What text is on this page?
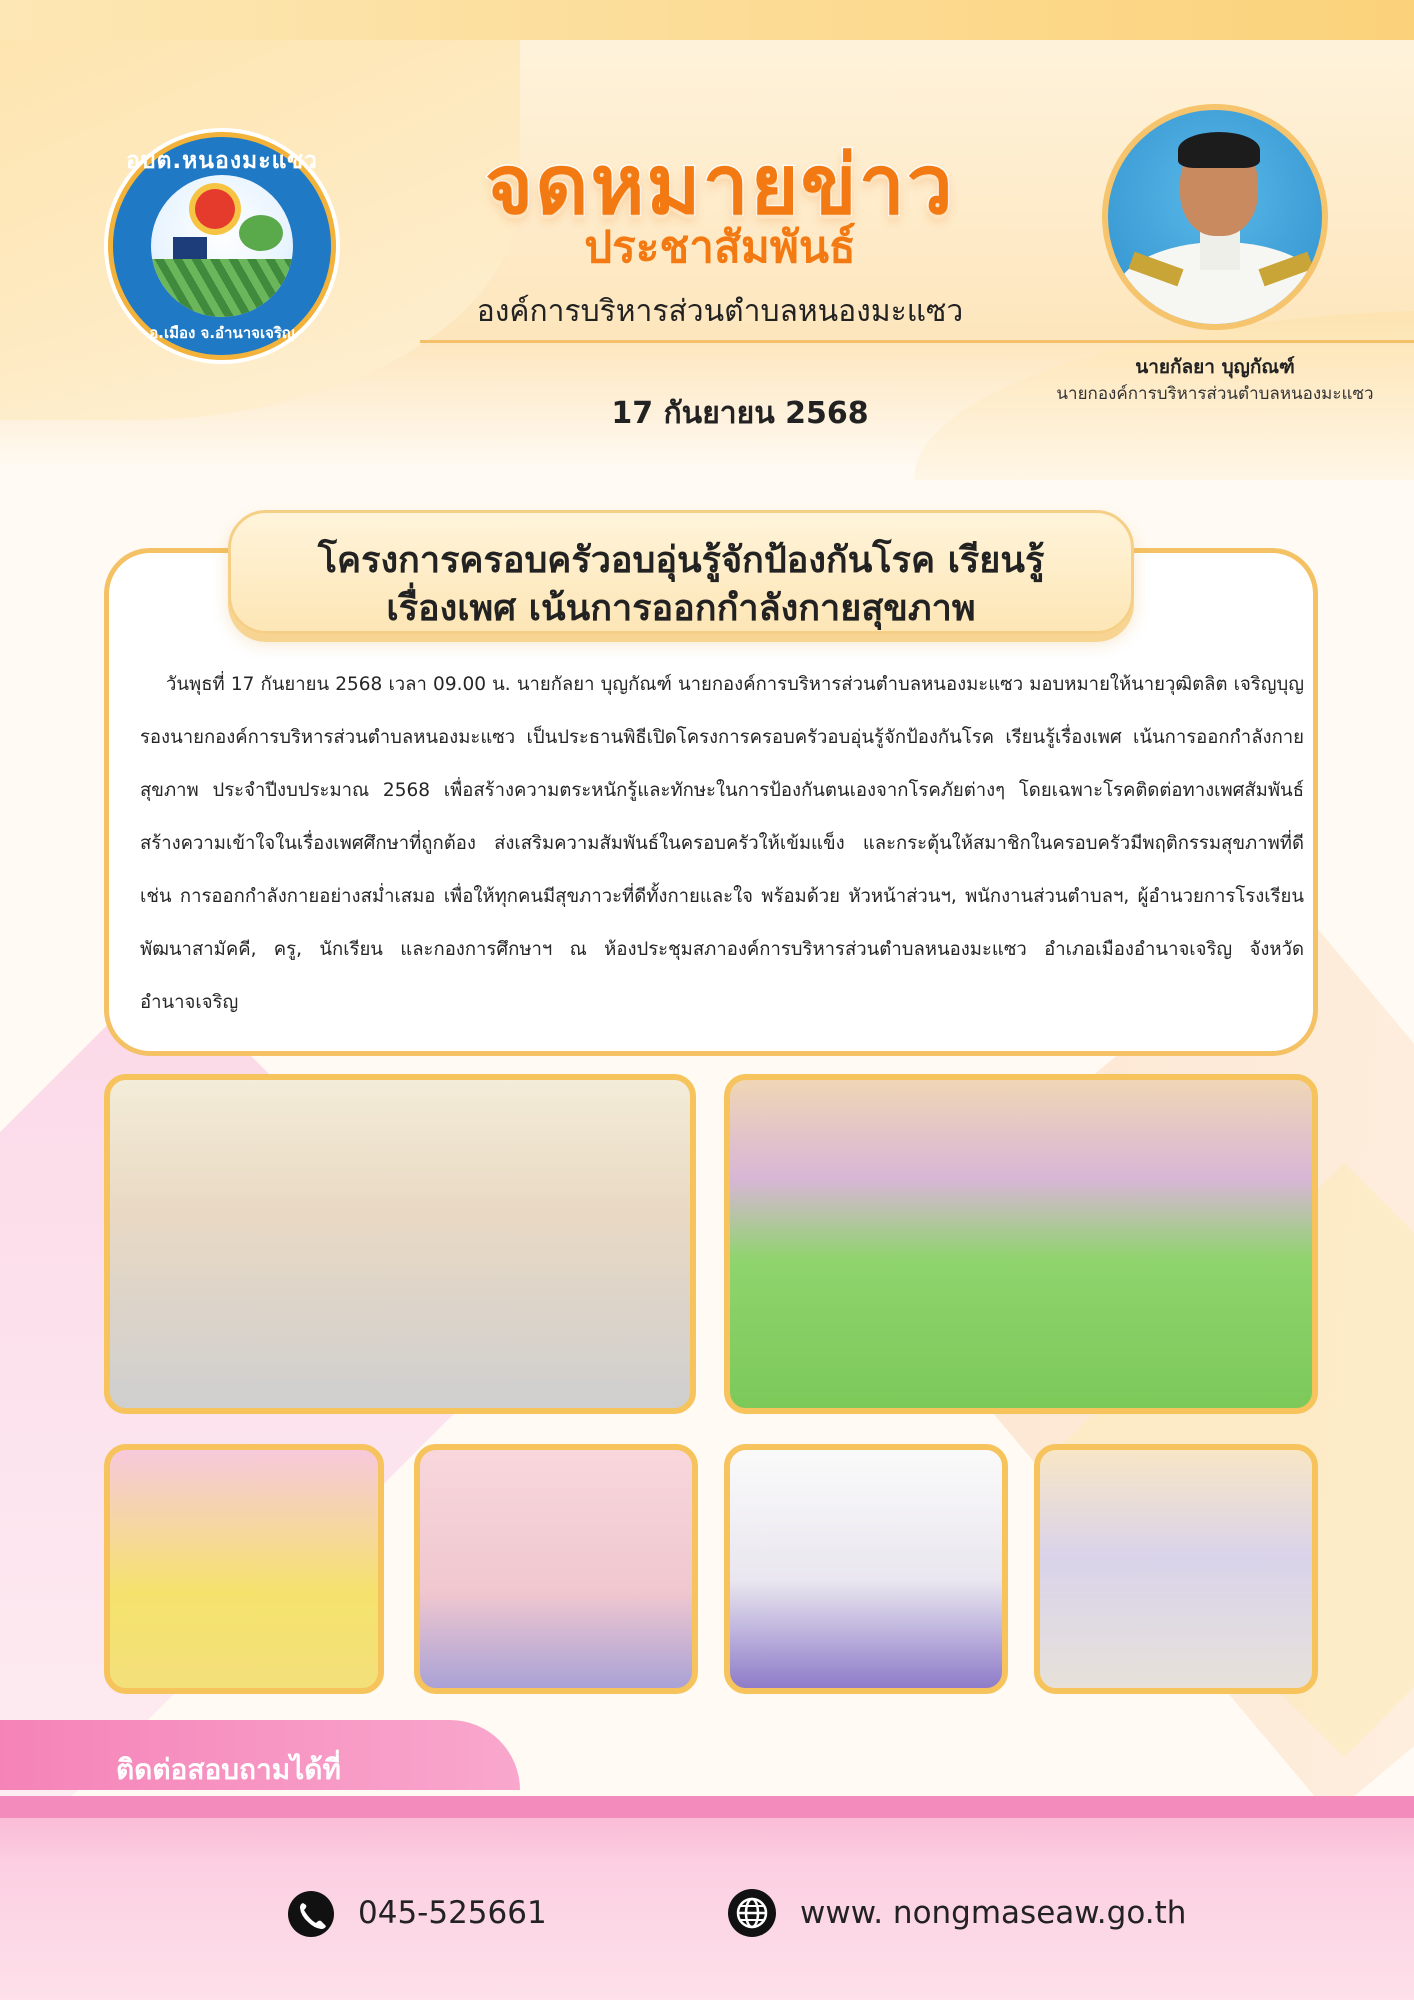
อบต.หนองมะแซว
อ.เมือง จ.อำนาจเจริญ
จดหมายข่าว
ประชาสัมพันธ์
องค์การบริหารส่วนตำบลหนองมะแซว
17 กันยายน 2568
นายกัลยา บุญกัณฑ์
นายกองค์การบริหารส่วนตำบลหนองมะแซว
โครงการครอบครัวอบอุ่นรู้จักป้องกันโรค เรียนรู้
เรื่องเพศ เน้นการออกกำลังกายสุขภาพ
วันพุธที่ 17 กันยายน 2568 เวลา 09.00 น. นายกัลยา บุญกัณฑ์ นายกองค์การบริหารส่วนตำบลหนองมะแซว มอบหมายให้นายวุฒิตลิต เจริญบุญ รองนายกองค์การบริหารส่วนตำบลหนองมะแซว เป็นประธานพิธีเปิดโครงการครอบครัวอบอุ่นรู้จักป้องกันโรค เรียนรู้เรื่องเพศ เน้นการออกกำลังกายสุขภาพ ประจำปีงบประมาณ 2568 เพื่อสร้างความตระหนักรู้และทักษะในการป้องกันตนเองจากโรคภัยต่างๆ โดยเฉพาะโรคติดต่อทางเพศสัมพันธ์ สร้างความเข้าใจในเรื่องเพศศึกษาที่ถูกต้อง ส่งเสริมความสัมพันธ์ในครอบครัวให้เข้มแข็ง และกระตุ้นให้สมาชิกในครอบครัวมีพฤติกรรมสุขภาพที่ดี เช่น การออกกำลังกายอย่างสม่ำเสมอ เพื่อให้ทุกคนมีสุขภาวะที่ดีทั้งกายและใจ พร้อมด้วย หัวหน้าส่วนฯ, พนักงานส่วนตำบลฯ, ผู้อำนวยการโรงเรียนพัฒนาสามัคคี, ครู, นักเรียน และกองการศึกษาฯ ณ ห้องประชุมสภาองค์การบริหารส่วนตำบลหนองมะแซว อำเภอเมืองอำนาจเจริญ จังหวัดอำนาจเจริญ
ติดต่อสอบถามได้ที่
045-525661	www. nongmaseaw.go.th
